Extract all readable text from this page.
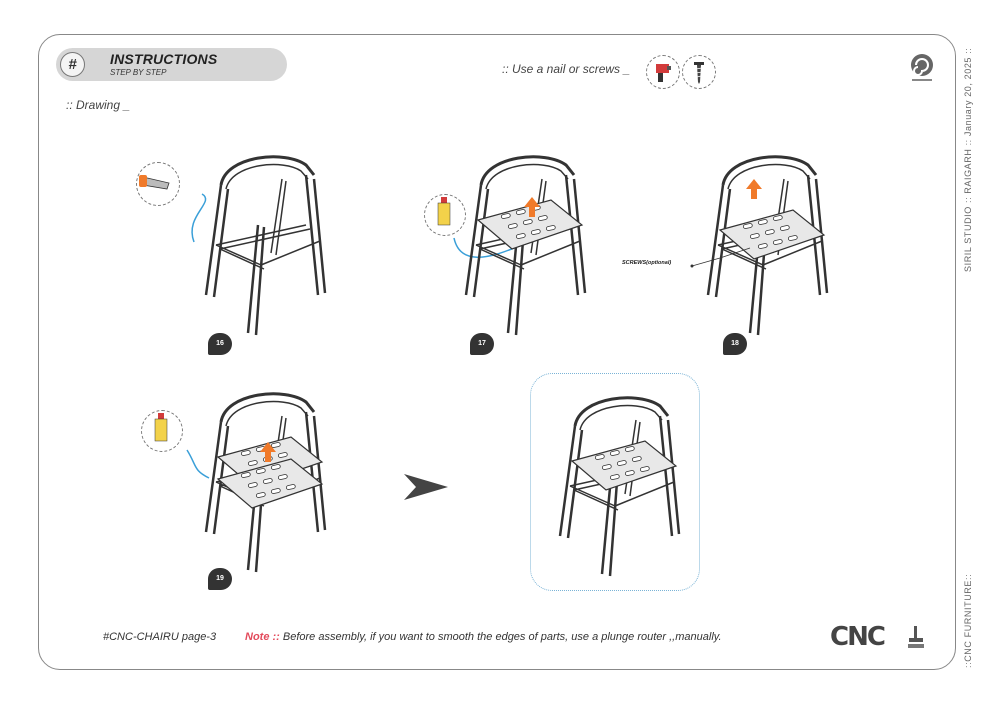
#	INSTRUCTIONS
STEP BY STEP
:: Drawing _
:: Use a nail or screws _	SIRIL STUDIO :: RAIGARH :: January 20, 2025 ::
::CNC FURNITURE::
16	17
SCREWS(optional)
18
19
#CNC-CHAIRU page-3	Note :: Before assembly, if you want to smooth the edges of parts, use a plunge router ,,manually.	CNC
